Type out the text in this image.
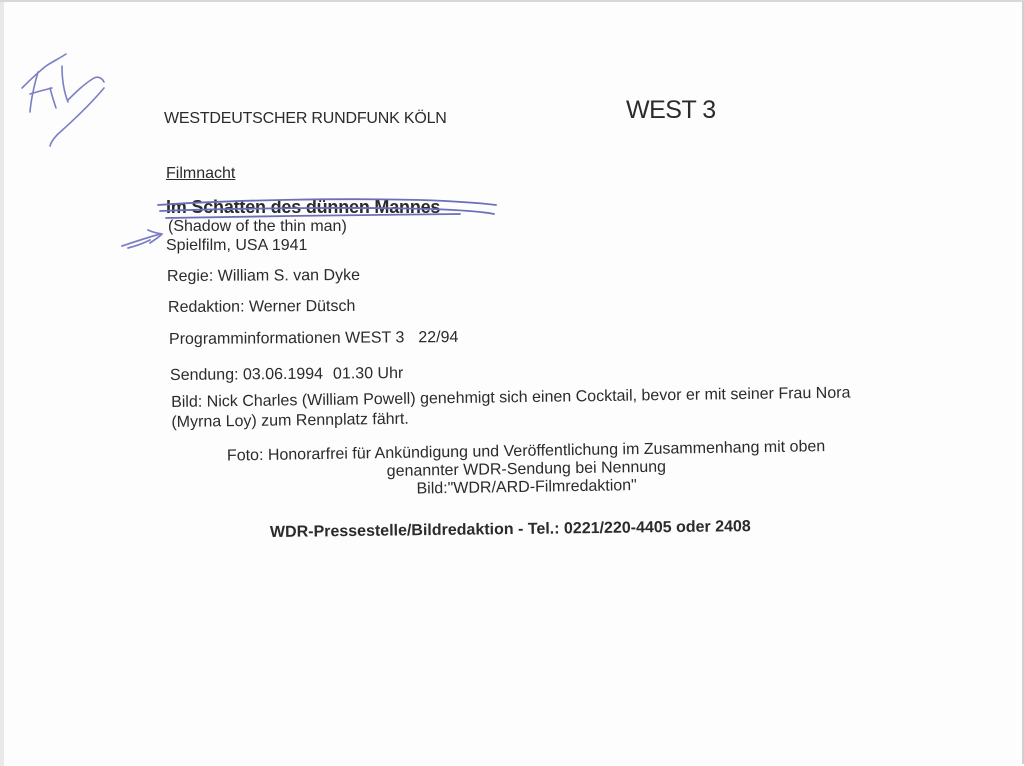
WESTDEUTSCHER RUNDFUNK KÖLN	WEST 3
Filmnacht
Im Schatten des dünnen Mannes
(Shadow of the thin man)
Spielfilm, USA 1941
Regie: William S. van Dyke
Redaktion: Werner Dütsch
Programminformationen WEST 3 22/94
Sendung: 03.06.1994 01.30 Uhr
Bild: Nick Charles (William Powell) genehmigt sich einen Cocktail, bevor er mit seiner Frau Nora (Myrna Loy) zum Rennplatz fährt.
Foto: Honorarfrei für Ankündigung und Veröffentlichung im Zusammenhang mit oben
genannter WDR-Sendung bei Nennung
Bild:"WDR/ARD-Filmredaktion"
WDR-Pressestelle/Bildredaktion - Tel.: 0221/220-4405 oder 2408
